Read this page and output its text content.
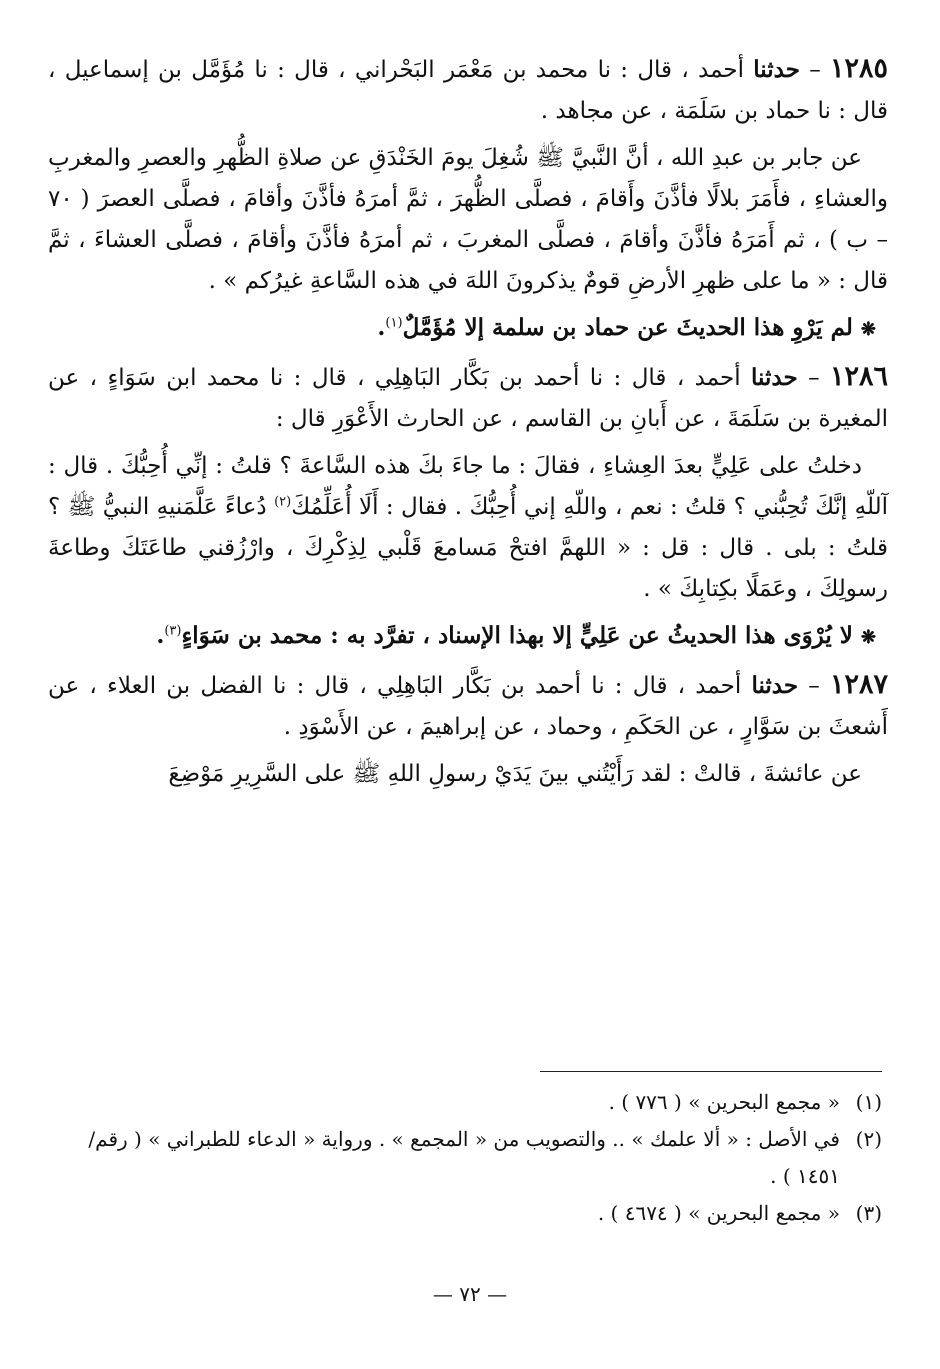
١٢٨٥ – حدثنا أحمد ، قال : نا محمد بن مَعْمَر البَحْراني ، قال : نا مُؤَمَّل بن إسماعيل ، قال : نا حماد بن سَلَمَة ، عن مجاهد .

عن جابر بن عبدِ الله ، أنَّ النَّبيَّ ﷺ شُغِلَ يومَ الخَنْدَقِ عن صلاةِ الظُّهرِ والعصرِ والمغربِ والعشاءِ ، فأَمَرَ بلالًا فأذَّنَ وأَقامَ ، فصلَّى الظُّهرَ ، ثمَّ أمرَهُ فأذَّنَ وأقامَ ، فصلَّى العصرَ ( ٧٠ – ب ) ، ثم أَمَرَهُ فأذَّنَ وأقامَ ، فصلَّى المغربَ ، ثم أمرَهُ فأذَّنَ وأقامَ ، فصلَّى العشاءَ ، ثمَّ قال : « ما على ظهرِ الأرضِ قومٌ يذكرونَ اللهَ في هذه السَّاعةِ غيرُكم » .

❋لم يَرْوِ هذا الحديثَ عن حماد بن سلمة إلا مُؤَمَّلٌ$^{(١)}$.

١٢٨٦ – حدثنا أحمد ، قال : نا أحمد بن بَكَّار البَاهِلِي ، قال : نا محمد ابن سَوَاءٍ ، عن المغيرة بن سَلَمَةَ ، عن أَبانِ بن القاسم ، عن الحارث الأَعْوَرِ قال :

دخلتُ على عَلِيٍّ بعدَ العِشاءِ ، فقالَ : ما جاءَ بكَ هذه السَّاعةَ ؟ قلتُ : إنِّي أُحِبُّكَ . قال : آللّهِ إنَّكَ تُحِبُّني ؟ قلتُ : نعم ، واللّهِ إني أُحِبُّكَ . فقال : أَلَا أُعَلِّمُكَ$^{(٢)}$ دُعاءً عَلَّمَنيهِ النبيُّ ﷺ ؟ قلتُ : بلى . قال : قل : « اللهمَّ افتحْ مَسامعَ قَلْبي لِذِكْرِكَ ، وارْزُقني طاعَتَكَ وطاعةَ رسولِكَ ، وعَمَلًا بكِتابِكَ » .

❋لا يُرْوَى هذا الحديثُ عن عَلِيٍّ إلا بهذا الإسناد ، تفرَّد به : محمد بن سَوَاءٍ$^{(٣)}$.

١٢٨٧ – حدثنا أحمد ، قال : نا أحمد بن بَكَّار البَاهِلِي ، قال : نا الفضل بن العلاء ، عن أَشعثَ بن سَوَّارٍ ، عن الحَكَمِ ، وحماد ، عن إبراهيمَ ، عن الأَسْوَدِ .

عن عائشةَ ، قالتْ : لقد رَأَيْتُني بينَ يَدَيْ رسولِ اللهِ ﷺ على السَّرِيرِ مَوْضِعَ

(١)
« مجمع البحرين » ( ٧٧٦ ) .

(٢)
في الأصل : « ألا علمك » .. والتصويب من « المجمع » . ورواية « الدعاء للطبراني » ( رقم/١٤٥١ ) .

(٣)
« مجمع البحرين » ( ٤٦٧٤ ) .

— ٧٢ —
